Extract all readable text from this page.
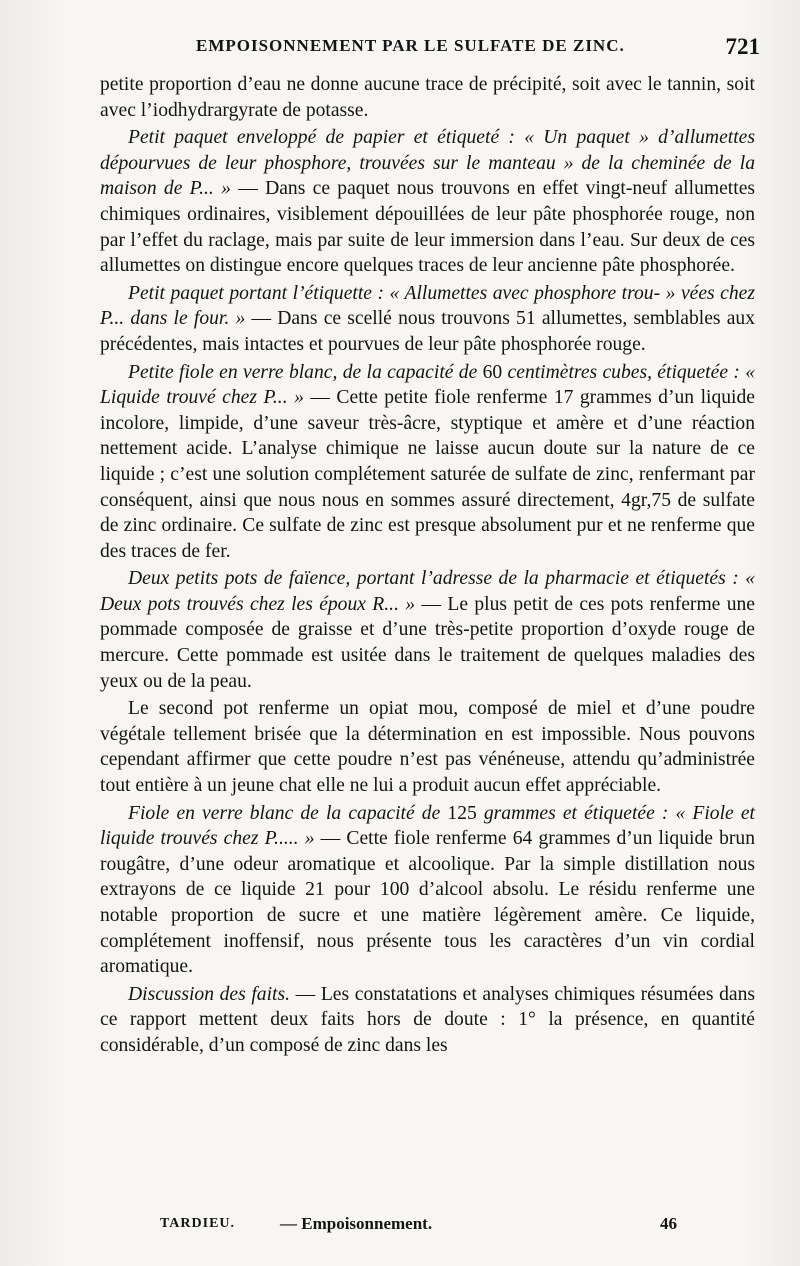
EMPOISONNEMENT PAR LE SULFATE DE ZINC.	721

petite proportion d’eau ne donne aucune trace de précipité, soit avec le tannin, soit avec l’iodhydrargyrate de potasse.

Petit paquet enveloppé de papier et étiqueté : « Un paquet » d’allumettes dépourvues de leur phosphore, trouvées sur le manteau » de la cheminée de la maison de P... » — Dans ce paquet nous trouvons en effet vingt-neuf allumettes chimiques ordinaires, visiblement dépouillées de leur pâte phosphorée rouge, non par l’effet du raclage, mais par suite de leur immersion dans l’eau. Sur deux de ces allumettes on distingue encore quelques traces de leur ancienne pâte phosphorée.

Petit paquet portant l’étiquette : « Allumettes avec phosphore trou- » vées chez P... dans le four. » — Dans ce scellé nous trouvons 51 allumettes, semblables aux précédentes, mais intactes et pourvues de leur pâte phosphorée rouge.

Petite fiole en verre blanc, de la capacité de 60 centimètres cubes, étiquetée : « Liquide trouvé chez P... » — Cette petite fiole renferme 17 grammes d’un liquide incolore, limpide, d’une saveur très-âcre, styptique et amère et d’une réaction nettement acide. L’analyse chimique ne laisse aucun doute sur la nature de ce liquide ; c’est une solution complétement saturée de sulfate de zinc, renfermant par conséquent, ainsi que nous nous en sommes assuré directement, 4gr,75 de sulfate de zinc ordinaire. Ce sulfate de zinc est presque absolument pur et ne renferme que des traces de fer.

Deux petits pots de faïence, portant l’adresse de la pharmacie et étiquetés : « Deux pots trouvés chez les époux R... » — Le plus petit de ces pots renferme une pommade composée de graisse et d’une très-petite proportion d’oxyde rouge de mercure. Cette pommade est usitée dans le traitement de quelques maladies des yeux ou de la peau.

Le second pot renferme un opiat mou, composé de miel et d’une poudre végétale tellement brisée que la détermination en est impossible. Nous pouvons cependant affirmer que cette poudre n’est pas vénéneuse, attendu qu’administrée tout entière à un jeune chat elle ne lui a produit aucun effet appréciable.

Fiole en verre blanc de la capacité de 125 grammes et étiquetée : « Fiole et liquide trouvés chez P..... » — Cette fiole renferme 64 grammes d’un liquide brun rougâtre, d’une odeur aromatique et alcoolique. Par la simple distillation nous extrayons de ce liquide 21 pour 100 d’alcool absolu. Le résidu renferme une notable proportion de sucre et une matière légèrement amère. Ce liquide, complétement inoffensif, nous présente tous les caractères d’un vin cordial aromatique.

Discussion des faits. — Les constatations et analyses chimiques résumées dans ce rapport mettent deux faits hors de doute : 1° la présence, en quantité considérable, d’un composé de zinc dans les

TARDIEU.	— Empoisonnement.	46
